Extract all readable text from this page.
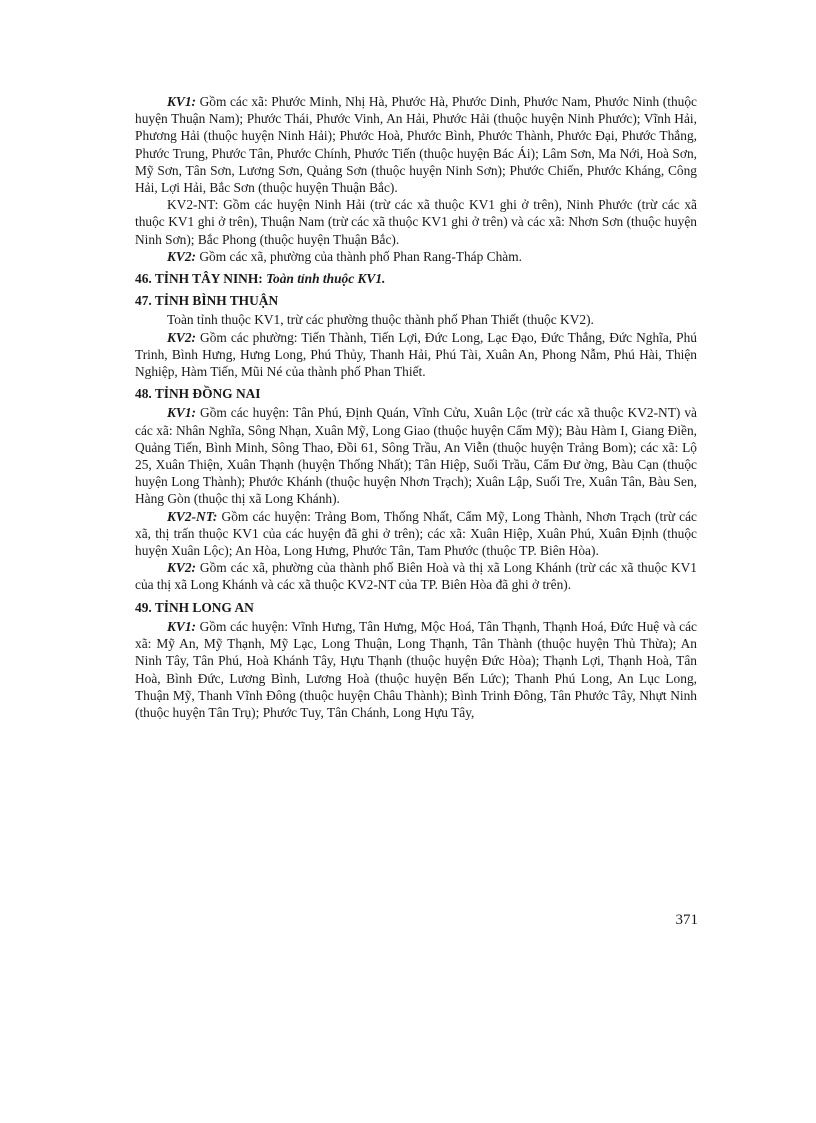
KV1: Gồm các xã: Phước Minh, Nhị Hà, Phước Hà, Phước Dinh, Phước Nam, Phước Ninh (thuộc huyện Thuận Nam); Phước Thái, Phước Vinh, An Hải, Phước Hải (thuộc huyện Ninh Phước); Vĩnh Hải, Phương Hải (thuộc huyện Ninh Hải); Phước Hoà, Phước Bình, Phước Thành, Phước Đại, Phước Thắng, Phước Trung, Phước Tân, Phước Chính, Phước Tiến (thuộc huyện Bác Ái); Lâm Sơn, Ma Nới, Hoà Sơn, Mỹ Sơn, Tân Sơn, Lương Sơn, Quảng Sơn (thuộc huyện Ninh Sơn); Phước Chiến, Phước Kháng, Công Hải, Lợi Hải, Bắc Sơn (thuộc huyện Thuận Bắc).

KV2-NT: Gồm các huyện Ninh Hải (trừ các xã thuộc KV1 ghi ở trên), Ninh Phước (trừ các xã thuộc KV1 ghi ở trên), Thuận Nam (trừ các xã thuộc KV1 ghi ở trên) và các xã: Nhơn Sơn (thuộc huyện Ninh Sơn); Bắc Phong (thuộc huyện Thuận Bắc).

KV2: Gồm các xã, phường của thành phố Phan Rang-Tháp Chàm.

46. TỈNH TÂY NINH: Toàn tỉnh thuộc KV1.

47. TỈNH BÌNH THUẬN

Toàn tỉnh thuộc KV1, trừ các phường thuộc thành phố Phan Thiết (thuộc KV2).

KV2: Gồm các phường: Tiến Thành, Tiến Lợi, Đức Long, Lạc Đạo, Đức Thắng, Đức Nghĩa, Phú Trinh, Bình Hưng, Hưng Long, Phú Thủy, Thanh Hải, Phú Tài, Xuân An, Phong Nẫm, Phú Hài, Thiện Nghiệp, Hàm Tiến, Mũi Né của thành phố Phan Thiết.

48. TỈNH ĐỒNG NAI

KV1: Gồm các huyện: Tân Phú, Định Quán, Vĩnh Cửu, Xuân Lộc (trừ các xã thuộc KV2-NT) và các xã: Nhân Nghĩa, Sông Nhạn, Xuân Mỹ, Long Giao (thuộc huyện Cẩm Mỹ); Bàu Hàm I, Giang Điền, Quảng Tiến, Bình Minh, Sông Thao, Đồi 61, Sông Trầu, An Viễn (thuộc huyện Trảng Bom); các xã: Lộ 25, Xuân Thiện, Xuân Thạnh (huyện Thống Nhất); Tân Hiệp, Suối Trầu, Cẩm Đư ờng, Bàu Cạn (thuộc huyện Long Thành); Phước Khánh (thuộc huyện Nhơn Trạch); Xuân Lập, Suối Tre, Xuân Tân, Bàu Sen, Hàng Gòn (thuộc thị xã Long Khánh).

KV2-NT: Gồm các huyện: Trảng Bom, Thống Nhất, Cẩm Mỹ, Long Thành, Nhơn Trạch (trừ các xã, thị trấn thuộc KV1 của các huyện đã ghi ở trên); các xã: Xuân Hiệp, Xuân Phú, Xuân Định (thuộc huyện Xuân Lộc); An Hòa, Long Hưng, Phước Tân, Tam Phước (thuộc TP. Biên Hòa).

KV2: Gồm các xã, phường của thành phố Biên Hoà và thị xã Long Khánh (trừ các xã thuộc KV1 của thị xã Long Khánh và các xã thuộc KV2-NT của TP. Biên Hòa đã ghi ở trên).

49. TỈNH LONG AN

KV1: Gồm các huyện: Vĩnh Hưng, Tân Hưng, Mộc Hoá, Tân Thạnh, Thạnh Hoá, Đức Huệ và các xã: Mỹ An, Mỹ Thạnh, Mỹ Lạc, Long Thuận, Long Thạnh, Tân Thành (thuộc huyện Thủ Thừa); An Ninh Tây, Tân Phú, Hoà Khánh Tây, Hựu Thạnh (thuộc huyện Đức Hòa); Thạnh Lợi, Thạnh Hoà, Tân Hoà, Bình Đức, Lương Bình, Lương Hoà (thuộc huyện Bến Lức); Thanh Phú Long, An Lục Long, Thuận Mỹ, Thanh Vĩnh Đông (thuộc huyện Châu Thành); Bình Trinh Đông, Tân Phước Tây, Nhựt Ninh (thuộc huyện Tân Trụ); Phước Tuy, Tân Chánh, Long Hựu Tây,

371
